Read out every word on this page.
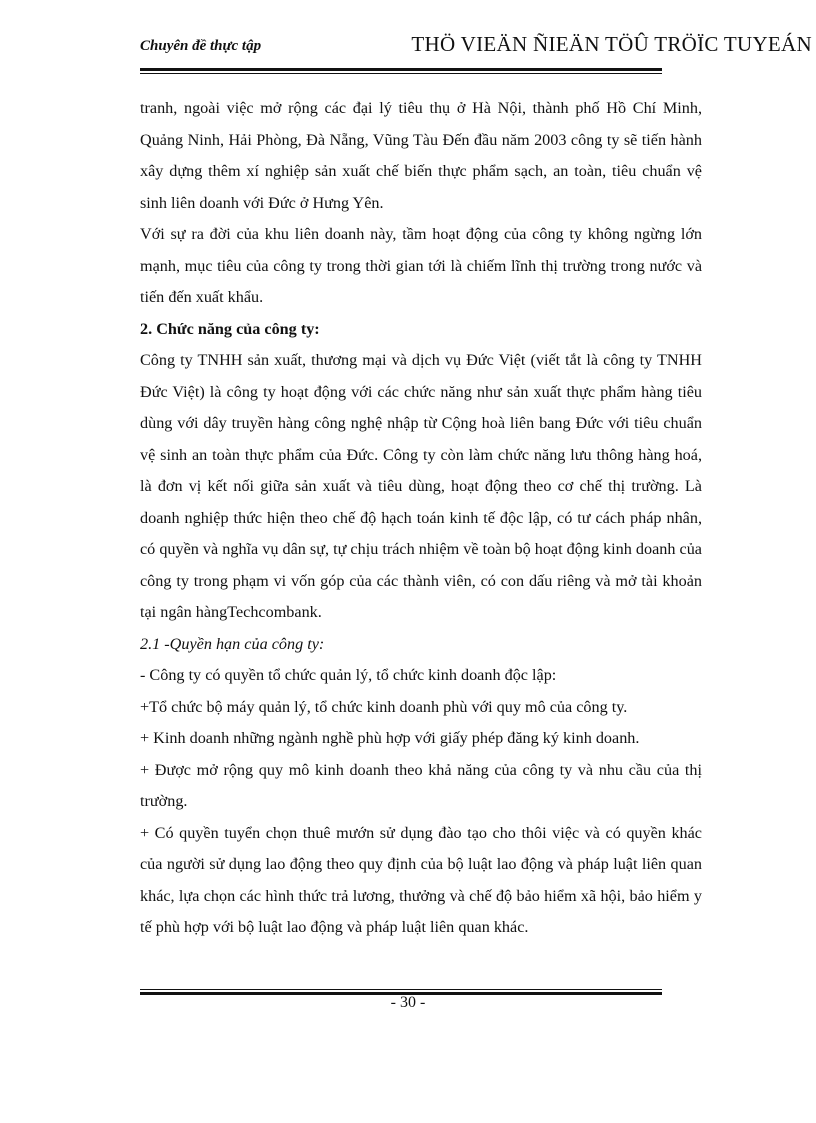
Chuyên đề thực tập	THÖ VIEÄN ÑIEÄN TÖÛ TRÖÏC TUYEÁN

tranh, ngoài việc mở rộng các đại lý tiêu thụ ở Hà Nội, thành phố Hồ Chí Minh, Quảng Ninh, Hải Phòng, Đà Nẵng, Vũng Tàu Đến đầu năm 2003 công ty sẽ tiến hành xây dựng thêm xí nghiệp sản xuất chế biến thực phẩm sạch, an toàn, tiêu chuẩn vệ sinh liên doanh với Đức ở Hưng Yên.

Với sự ra đời của khu liên doanh này, tầm hoạt động của công ty không ngừng lớn mạnh, mục tiêu của công ty trong thời gian tới là chiếm lĩnh thị trường trong nước và tiến đến xuất khẩu.

2. Chức năng của công ty:

Công ty TNHH sản xuất, thương mại và dịch vụ Đức Việt (viết tắt là công ty TNHH Đức Việt) là công ty hoạt động với các chức năng như sản xuất thực phẩm hàng tiêu dùng với dây truyền hàng công nghệ nhập từ Cộng hoà liên bang Đức với tiêu chuẩn vệ sinh an toàn thực phẩm của Đức. Công ty còn làm chức năng lưu thông hàng hoá, là đơn vị kết nối giữa sản xuất và tiêu dùng, hoạt động theo cơ chế thị trường. Là doanh nghiệp thức hiện theo chế độ hạch toán kinh tế độc lập, có tư cách pháp nhân, có quyền và nghĩa vụ dân sự, tự chịu trách nhiệm về toàn bộ hoạt động kinh doanh của công ty trong phạm vi vốn góp của các thành viên, có con dấu riêng và mở tài khoản tại ngân hàngTechcombank.

2.1 -Quyền hạn của công ty:

- Công ty có quyền tổ chức quản lý, tổ chức kinh doanh độc lập:

+Tổ chức bộ máy quản lý, tổ chức kinh doanh phù với quy mô của công ty.

+ Kinh doanh những ngành nghề phù hợp với giấy phép đăng ký kinh doanh.

+ Được mở rộng quy mô kinh doanh theo khả năng của công ty và nhu cầu của thị trường.

+ Có quyền tuyển chọn thuê mướn sử dụng đào tạo cho thôi việc và có quyền khác của người sử dụng lao động theo quy định của bộ luật lao động và pháp luật liên quan khác, lựa chọn các hình thức trả lương, thưởng và chế độ bảo hiểm xã hội, bảo hiểm y tế phù hợp với bộ luật lao động và pháp luật liên quan khác.

- 30 -
